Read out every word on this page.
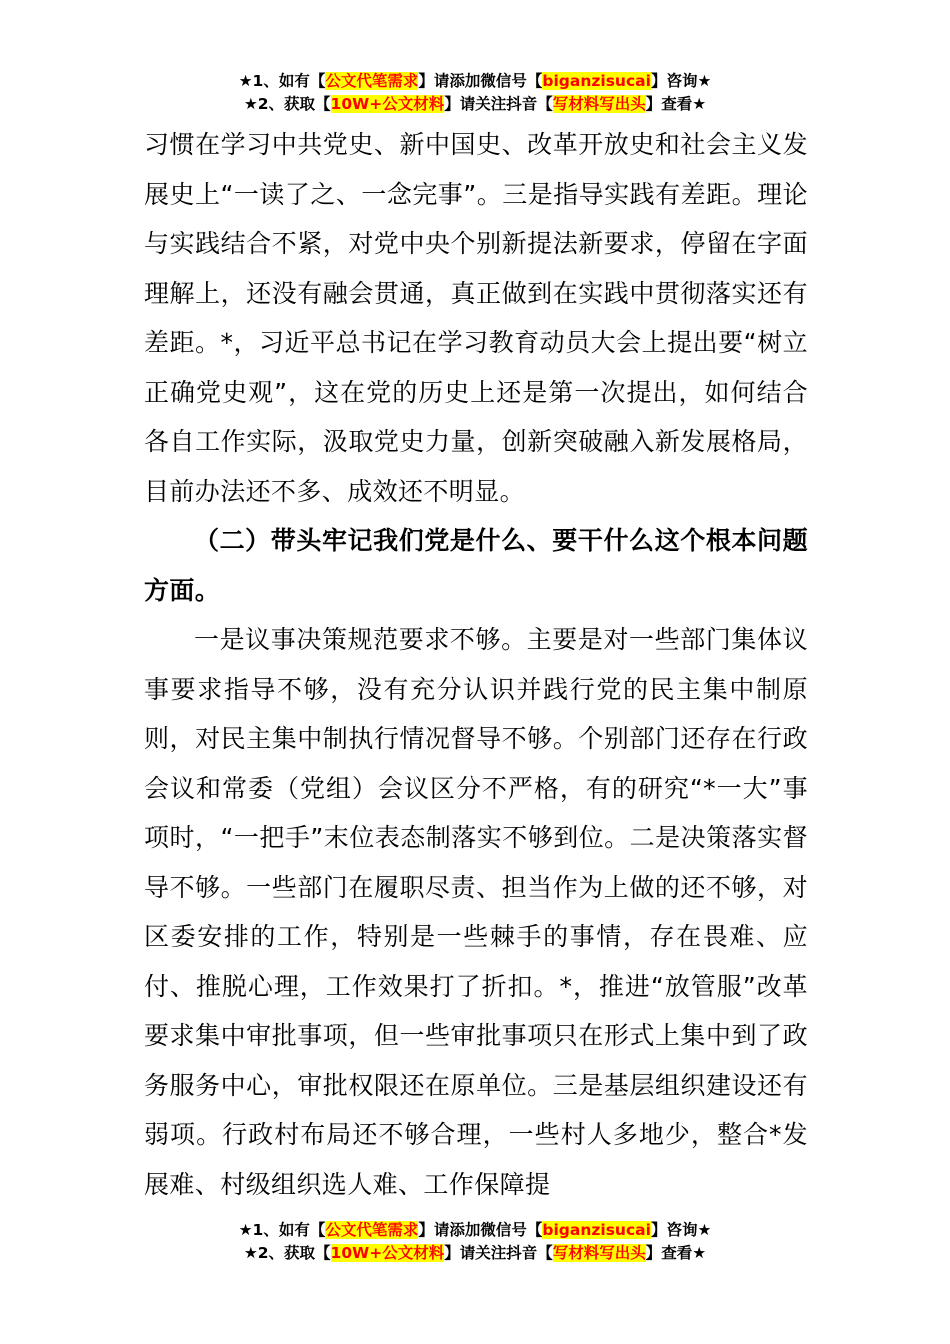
★1、如有【公文代笔需求】请添加微信号【biganzisucai】咨询★
★2、获取【10W+公文材料】请关注抖音【写材料写出头】查看★

习惯在学习中共党史、新中国史、改革开放史和社会主义发展史上“一读了之、一念完事”。三是指导实践有差距。理论与实践结合不紧，对党中央个别新提法新要求，停留在字面理解上，还没有融会贯通，真正做到在实践中贯彻落实还有差距。*，习近平总书记在学习教育动员大会上提出要“树立正确党史观”，这在党的历史上还是第一次提出，如何结合各自工作实际，汲取党史力量，创新突破融入新发展格局，目前办法还不多、成效还不明显。

（二）带头牢记我们党是什么、要干什么这个根本问题方面。

一是议事决策规范要求不够。主要是对一些部门集体议事要求指导不够，没有充分认识并践行党的民主集中制原则，对民主集中制执行情况督导不够。个别部门还存在行政会议和常委（党组）会议区分不严格，有的研究“*一大”事项时，“一把手”末位表态制落实不够到位。二是决策落实督导不够。一些部门在履职尽责、担当作为上做的还不够，对区委安排的工作，特别是一些棘手的事情，存在畏难、应付、推脱心理，工作效果打了折扣。*，推进“放管服”改革要求集中审批事项，但一些审批事项只在形式上集中到了政务服务中心，审批权限还在原单位。三是基层组织建设还有弱项。行政村布局还不够合理，一些村人多地少，整合*发展难、村级组织选人难、工作保障提

★1、如有【公文代笔需求】请添加微信号【biganzisucai】咨询★
★2、获取【10W+公文材料】请关注抖音【写材料写出头】查看★
